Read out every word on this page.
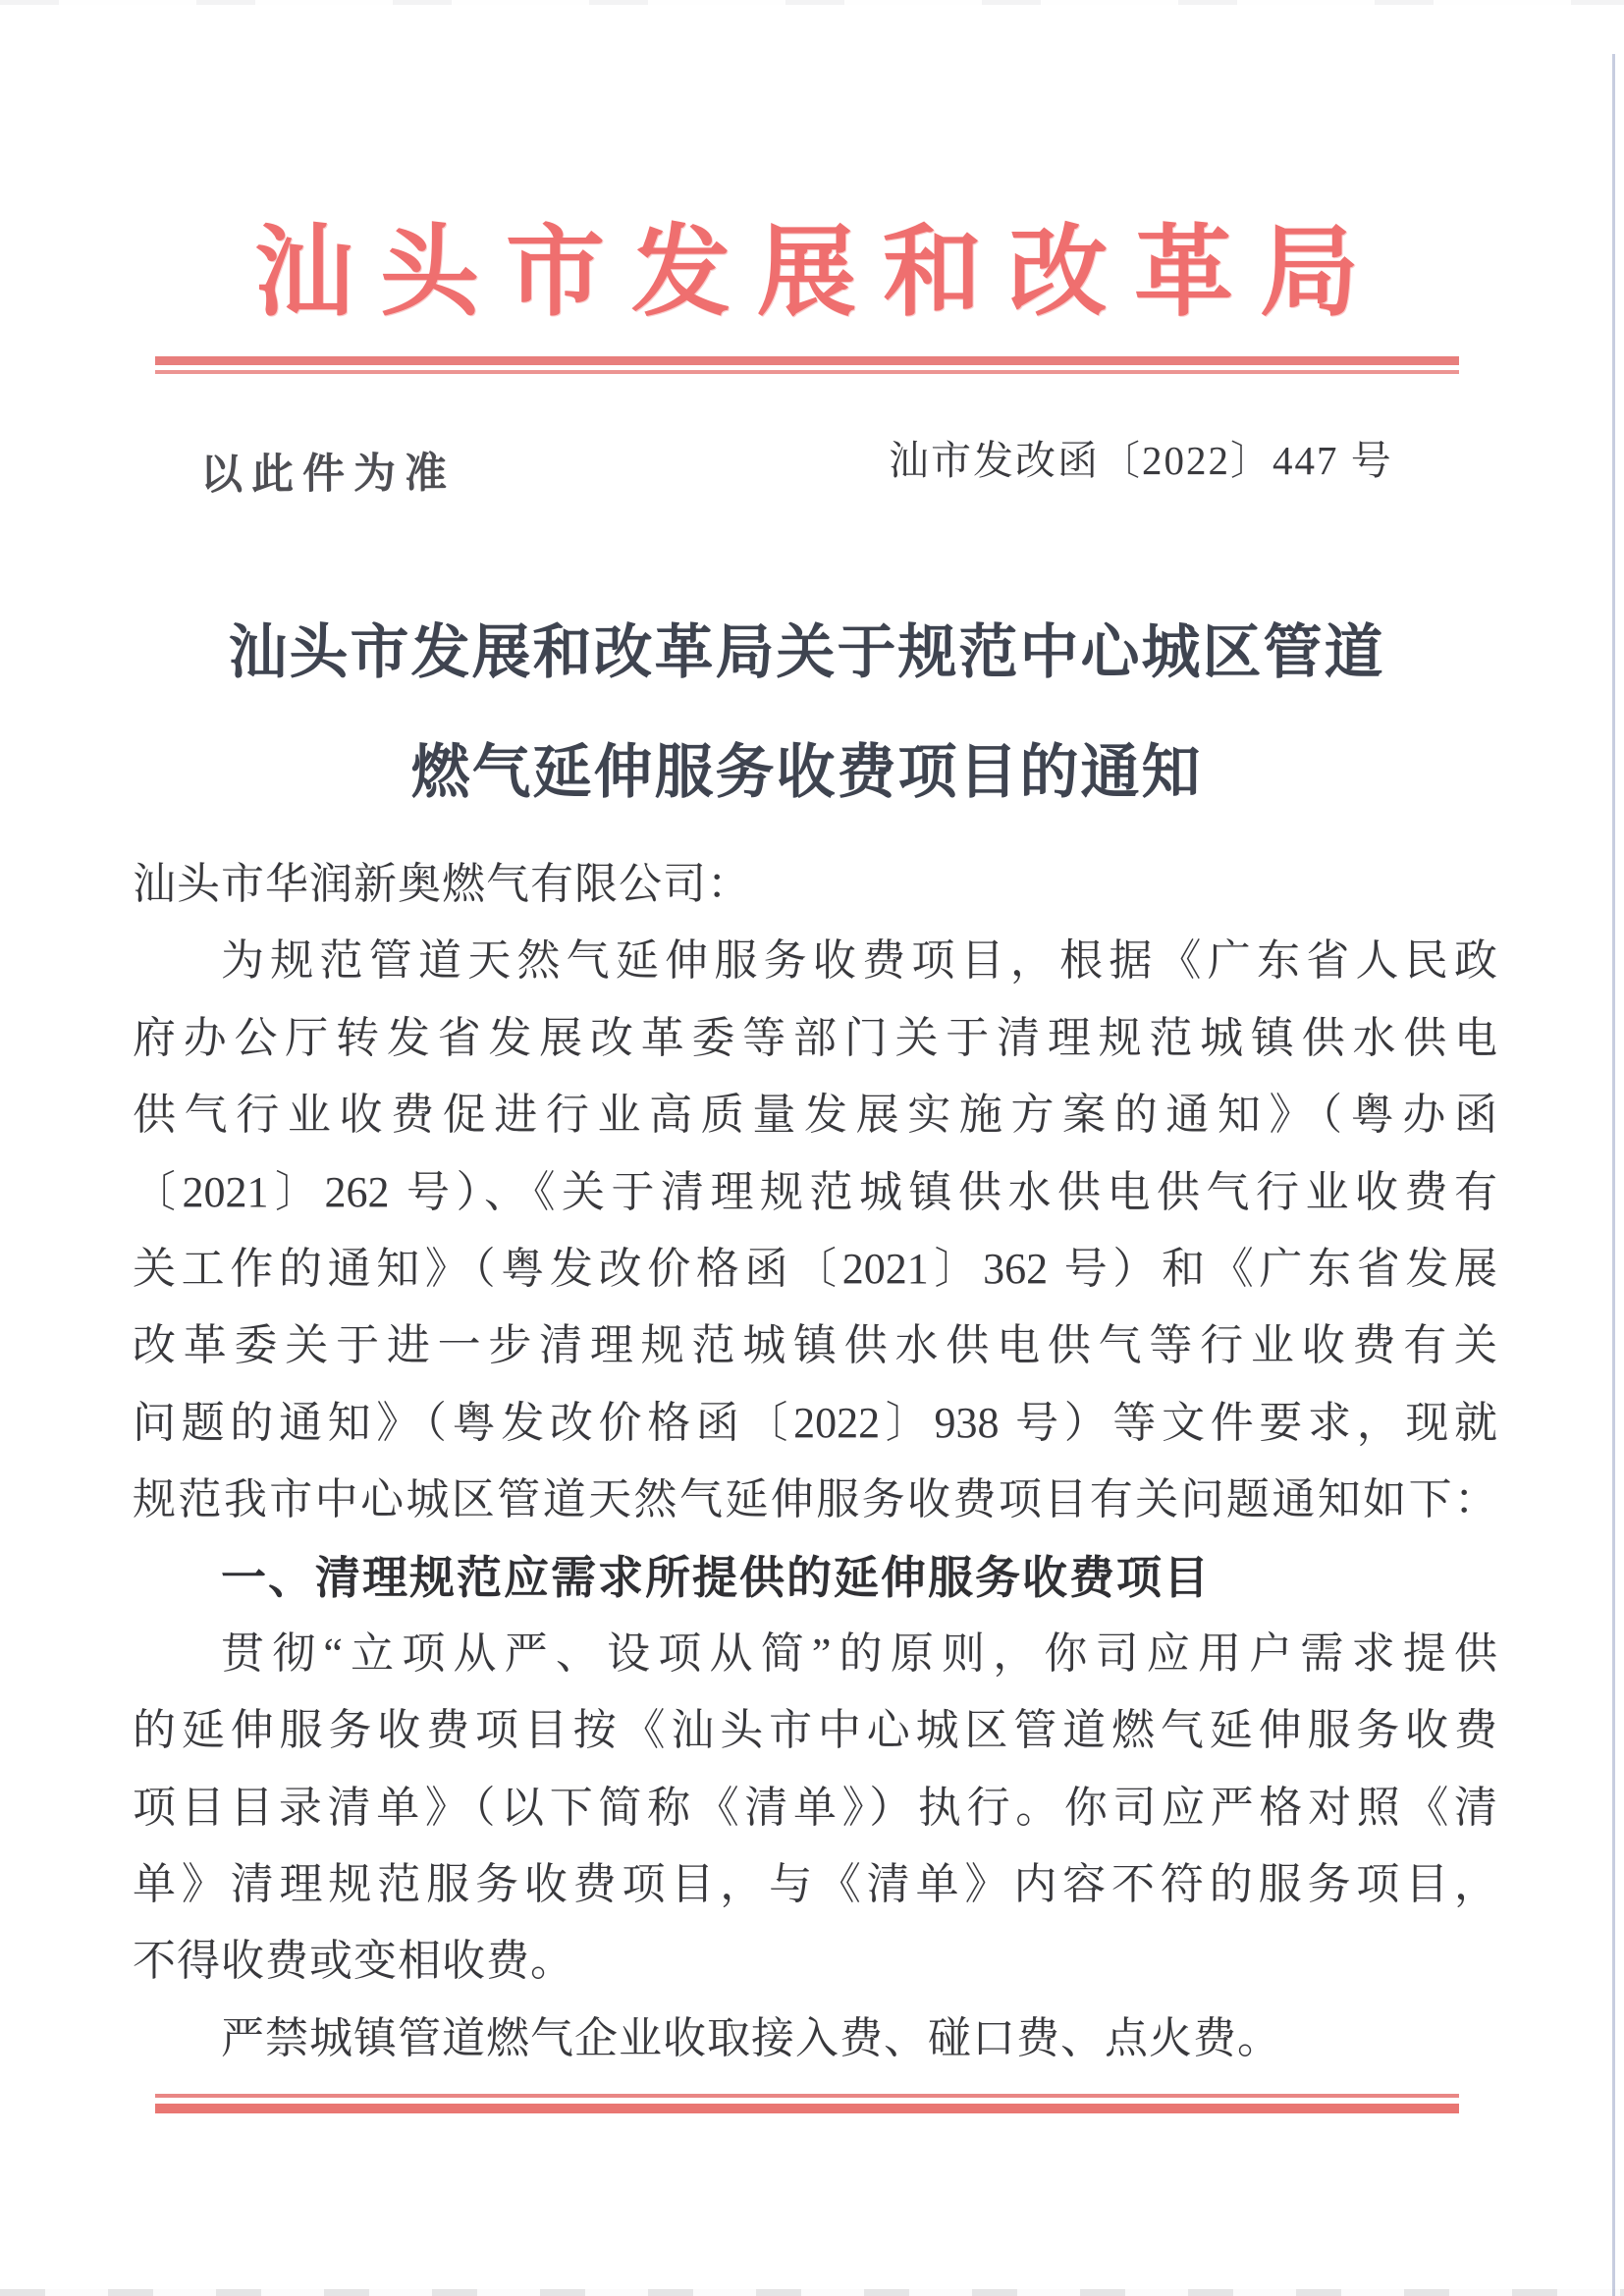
汕头市发展和改革局
以此件为准	汕市发改函〔2022〕447 号
汕头市发展和改革局关于规范中心城区管道
燃气延伸服务收费项目的通知
汕头市华润新奥燃气有限公司：
为规范管道天然气延伸服务收费项目，根据《广东省人民政
府办公厅转发省发展改革委等部门关于清理规范城镇供水供电
供气行业收费促进行业高质量发展实施方案的通知》（粤办函
〔2021〕262 号）、《关于清理规范城镇供水供电供气行业收费有
关工作的通知》（粤发改价格函〔2021〕362 号）和《广东省发展
改革委关于进一步清理规范城镇供水供电供气等行业收费有关
问题的通知》（粤发改价格函〔2022〕938 号）等文件要求，现就
规范我市中心城区管道天然气延伸服务收费项目有关问题通知如下：
一、清理规范应需求所提供的延伸服务收费项目
贯彻“立项从严、设项从简”的原则，你司应用户需求提供
的延伸服务收费项目按《汕头市中心城区管道燃气延伸服务收费
项目目录清单》（以下简称《清单》）执行。你司应严格对照《清
单》清理规范服务收费项目，与《清单》内容不符的服务项目，
不得收费或变相收费。
严禁城镇管道燃气企业收取接入费、碰口费、点火费。
